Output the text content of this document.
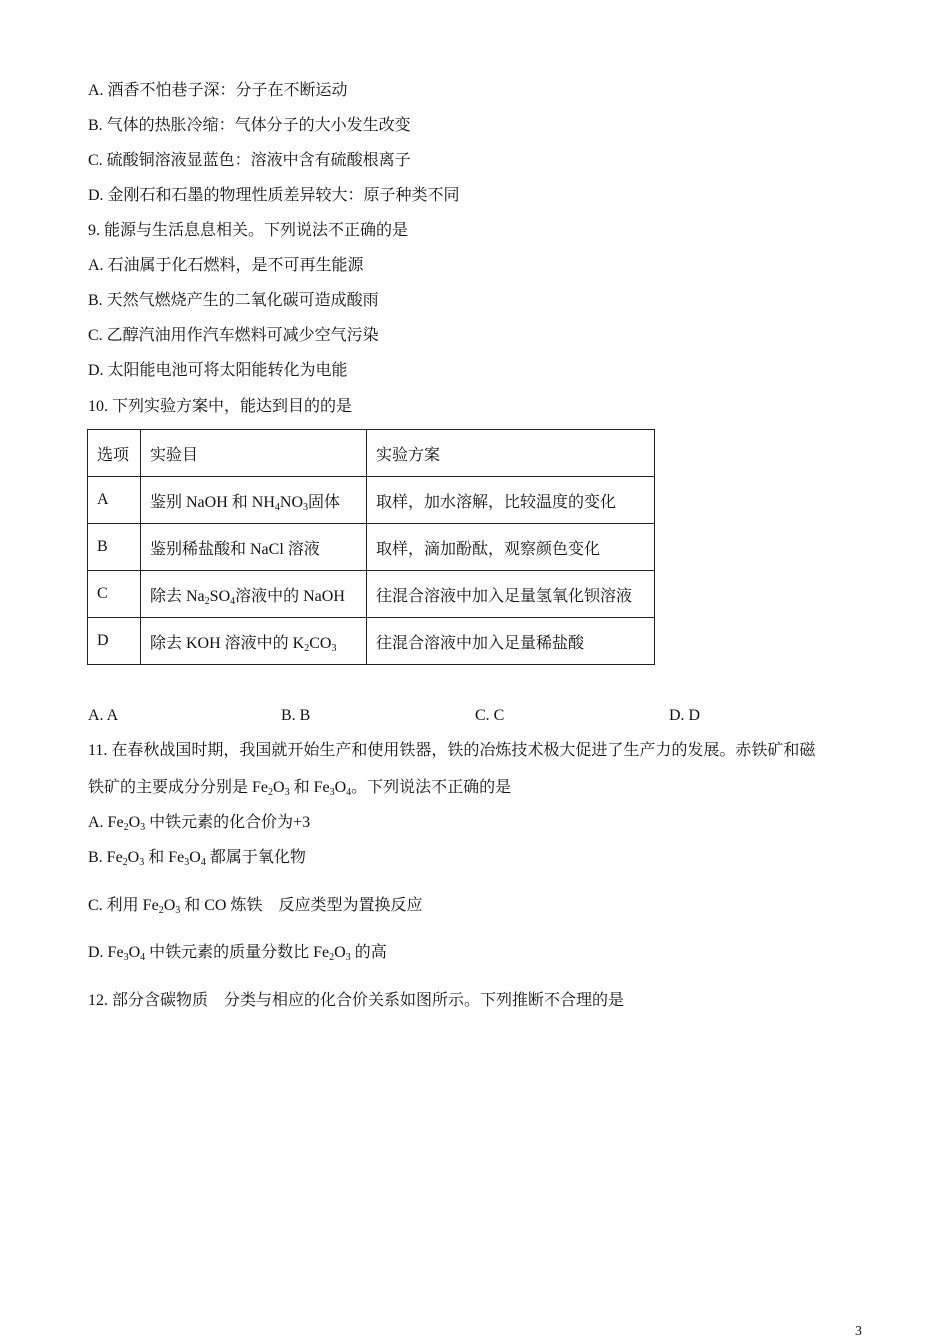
A. 酒香不怕巷子深：分子在不断运动
B. 气体的热胀冷缩：气体分子的大小发生改变
C. 硫酸铜溶液显蓝色：溶液中含有硫酸根离子
D. 金刚石和石墨的物理性质差异较大：原子种类不同
9. 能源与生活息息相关。下列说法不正确的是
A. 石油属于化石燃料，是不可再生能源
B. 天然气燃烧产生的二氧化碳可造成酸雨
C. 乙醇汽油用作汽车燃料可减少空气污染
D. 太阳能电池可将太阳能转化为电能
10. 下列实验方案中，能达到目的的是
选项	实验目	实验方案
A	鉴别 NaOH 和 $NH_4NO_3$固体	取样，加水溶解，比较温度的变化
B	鉴别稀盐酸和 NaCl 溶液	取样，滴加酚酞，观察颜色变化
C	除去 $Na_2SO_4$溶液中的 NaOH	往混合溶液中加入足量氢氧化钡溶液
D	除去 KOH 溶液中的 $K_2CO_3$	往混合溶液中加入足量稀盐酸
A. A	B. B	C. C	D. D
11. 在春秋战国时期，我国就开始生产和使用铁器，铁的冶炼技术极大促进了生产力的发展。赤铁矿和磁
铁矿的主要成分分别是 $Fe_2O_3$ 和 $Fe_3O_4$。下列说法不正确的是
A. $Fe_2O_3$ 中铁元素的化合价为+3
B. $Fe_2O_3$ 和 $Fe_3O_4$ 都属于氧化物
C. 利用 $Fe_2O_3$ 和 CO 炼铁　反应类型为置换反应
D. $Fe_3O_4$ 中铁元素的质量分数比 $Fe_2O_3$ 的高
12. 部分含碳物质　分类与相应的化合价关系如图所示。下列推断不合理的是
3
